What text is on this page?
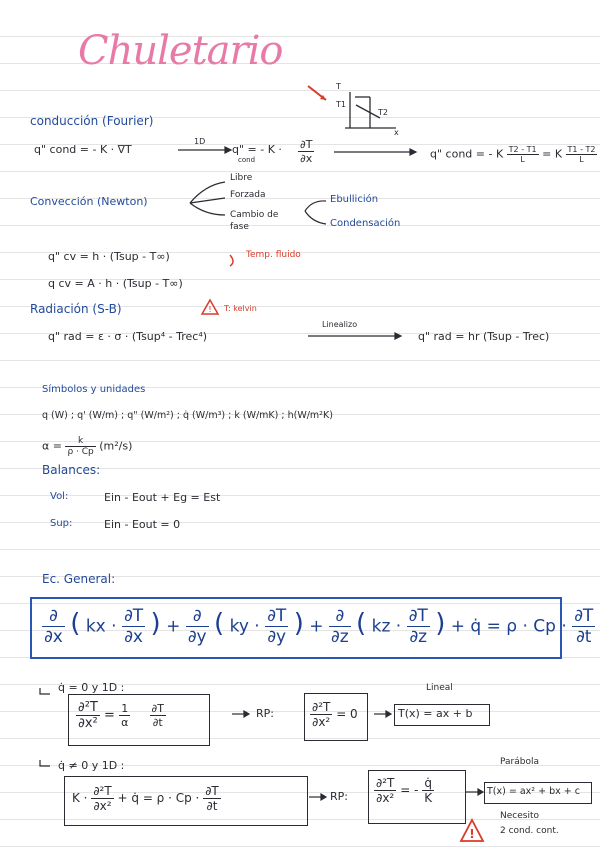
!
!
Chuletario
conducción (Fourier)
T
T1
T2
x
q" cond = - K · ∇T
1D
q" = - K ·
cond	$\frac{\partial T}{\partial x}$	q" cond = - K $\frac{T2 - T1}{L} = K \frac{T1 - T2}{L}$
Convección (Newton)
Libre
Forzada
Cambio de fase
Ebullición
Condensación
q" cv = h · (Tsup - T∞)	Temp. fluido
q cv = A · h · (Tsup - T∞)
Radiación (S-B)	T: kelvin
q" rad = ε · σ · (Tsup⁴ - Trec⁴)
Linealizo
q" rad = hr (Tsup - Trec)
Símbolos y unidades
q (W) ; q' (W/m) ; q" (W/m²) ; q̇ (W/m³) ; k (W/mK) ; h(W/m²K)
$\alpha = \frac{k}{\rho \cdot Cp} (m^2/s)$
Balances:
Vol:	Ein - Eout + Eg = Est
Sup:	Ein - Eout = 0
Ec. General:
$\frac{\partial}{\partial x}$ ( kx · $\frac{\partial T}{\partial x}$ ) + $\frac{\partial}{\partial y}$ ( ky · $\frac{\partial T}{\partial y}$ ) + $\frac{\partial}{\partial z}$ ( kz · $\frac{\partial T}{\partial z}$ ) + q̇ = $\rho \cdot Cp \cdot \frac{\partial T}{\partial t}$
q̇ = 0 y 1D :
$\frac{\text{∂²T}}{\text{∂x²}} = \frac{1}{\alpha}$
$\frac{\partial T}{\partial t}$	RP:	$\frac{\text{∂²T}}{\text{∂x²}} = 0$
Lineal
T(x) = ax + b
q̇ ≠ 0 y 1D :
$K \cdot \frac{\text{∂²T}}{\text{∂x²}}$ + q̇ = $\rho \cdot Cp \cdot \frac{\partial T}{\partial t}$	RP: $\frac{\text{∂²T}}{\text{∂x²}}$ = - $\frac{q̇}{K}$
Parábola
T(x) = ax² + bx + c
Necesito
2 cond. cont.
